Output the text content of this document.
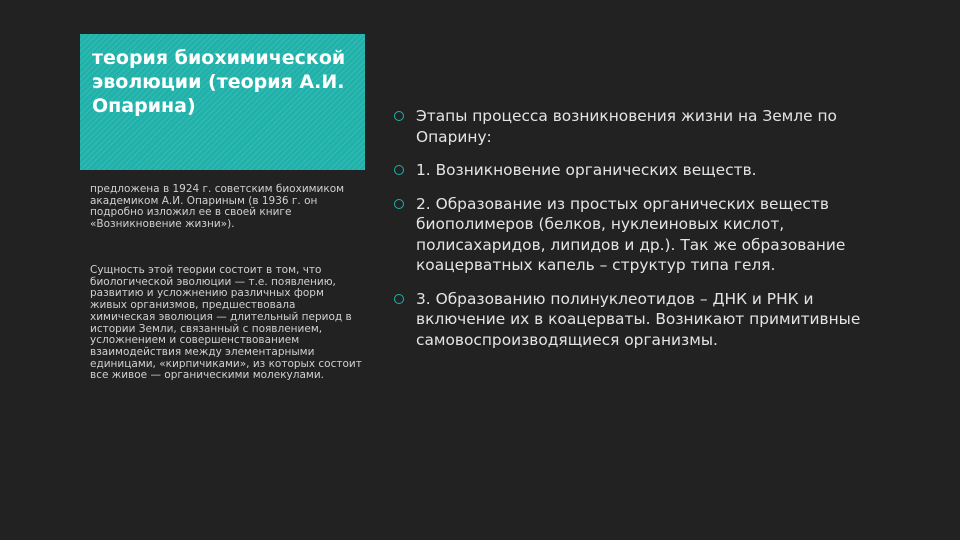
теория биохимической эволюции (теория А.И. Опарина)

предложена в 1924 г. советским биохимиком академиком А.И. Опариным (в 1936 г. он подробно изложил ее в своей книге «Возникновение жизни»).

Сущность этой теории состоит в том, что биологической эволюции — т.е. появлению, развитию и усложнению различных форм живых организмов, предшествовала химическая эволюция — длительный период в истории Земли, связанный с появлением, усложнением и совершенствованием взаимодействия между элементарными единицами, «кирпичиками», из которых состоит все живое — органическими молекулами.

Этапы процесса возникновения жизни на Земле по Опарину:
1. Возникновение органических веществ.
2. Образование из простых органических веществ биополимеров (белков, нуклеиновых кислот, полисахаридов, липидов и др.). Так же образование коацерватных капель – структур типа геля.
3. Образованию полинуклеотидов – ДНК и РНК и включение их в коацерваты. Возникают примитивные самовоспроизводящиеся организмы.
